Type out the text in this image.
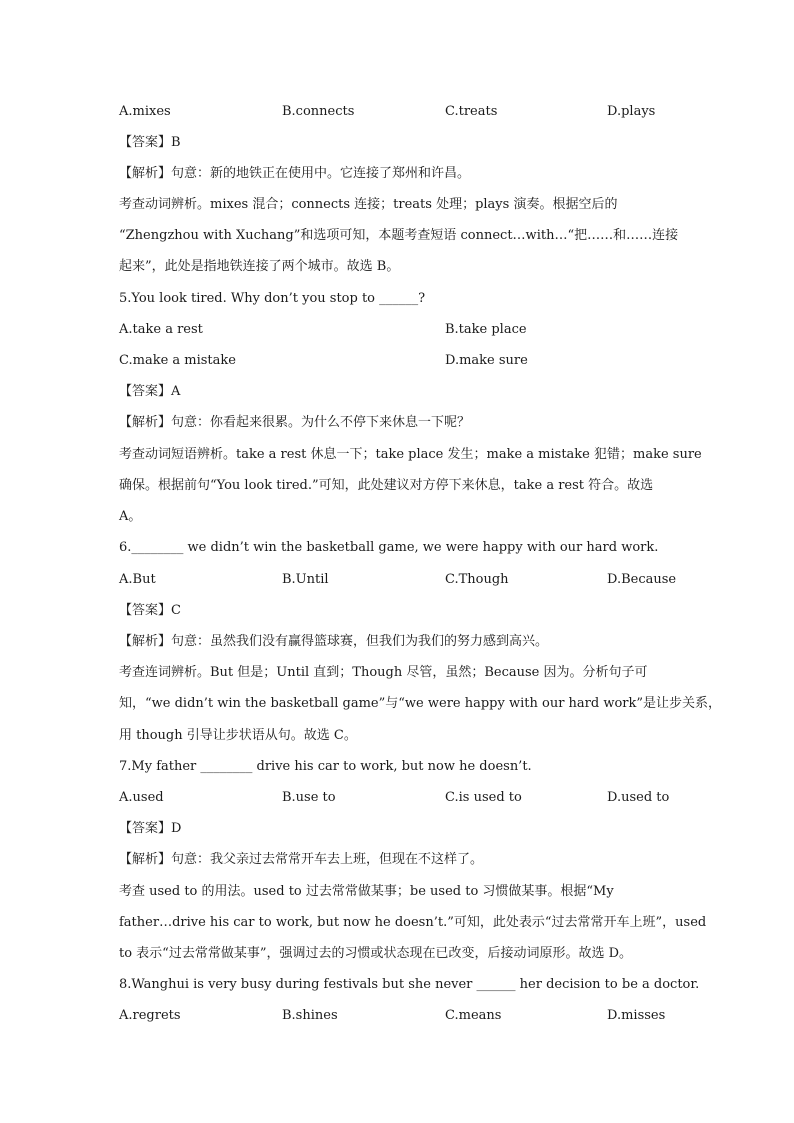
A.mixes	B.connects	C.treats	D.plays
【答案】B
【解析】句意：新的地铁正在使用中。它连接了郑州和许昌。
考查动词辨析。mixes 混合；connects 连接；treats 处理；plays 演奏。根据空后的
“Zhengzhou with Xuchang”和选项可知，本题考查短语 connect…with…“把……和……连接
起来”，此处是指地铁连接了两个城市。故选 B。
5.You look tired. Why don’t you stop to ______?
A.take a rest	B.take place
C.make a mistake	D.make sure
【答案】A
【解析】句意：你看起来很累。为什么不停下来休息一下呢？
考查动词短语辨析。take a rest 休息一下；take place 发生；make a mistake 犯错；make sure
确保。根据前句“You look tired.”可知，此处建议对方停下来休息，take a rest 符合。故选
A。
6.________ we didn’t win the basketball game, we were happy with our hard work.
A.But	B.Until	C.Though	D.Because
【答案】C
【解析】句意：虽然我们没有赢得篮球赛，但我们为我们的努力感到高兴。
考查连词辨析。But 但是；Until 直到；Though 尽管，虽然；Because 因为。分析句子可
知，“we didn’t win the basketball game”与“we were happy with our hard work”是让步关系，
用 though 引导让步状语从句。故选 C。
7.My father ________ drive his car to work, but now he doesn’t.
A.used	B.use to	C.is used to	D.used to
【答案】D
【解析】句意：我父亲过去常常开车去上班，但现在不这样了。
考查 used to 的用法。used to 过去常常做某事；be used to 习惯做某事。根据“My
father…drive his car to work, but now he doesn’t.”可知，此处表示“过去常常开车上班”，used
to 表示“过去常常做某事”，强调过去的习惯或状态现在已改变，后接动词原形。故选 D。
8.Wanghui is very busy during festivals but she never ______ her decision to be a doctor.
A.regrets	B.shines	C.means	D.misses
